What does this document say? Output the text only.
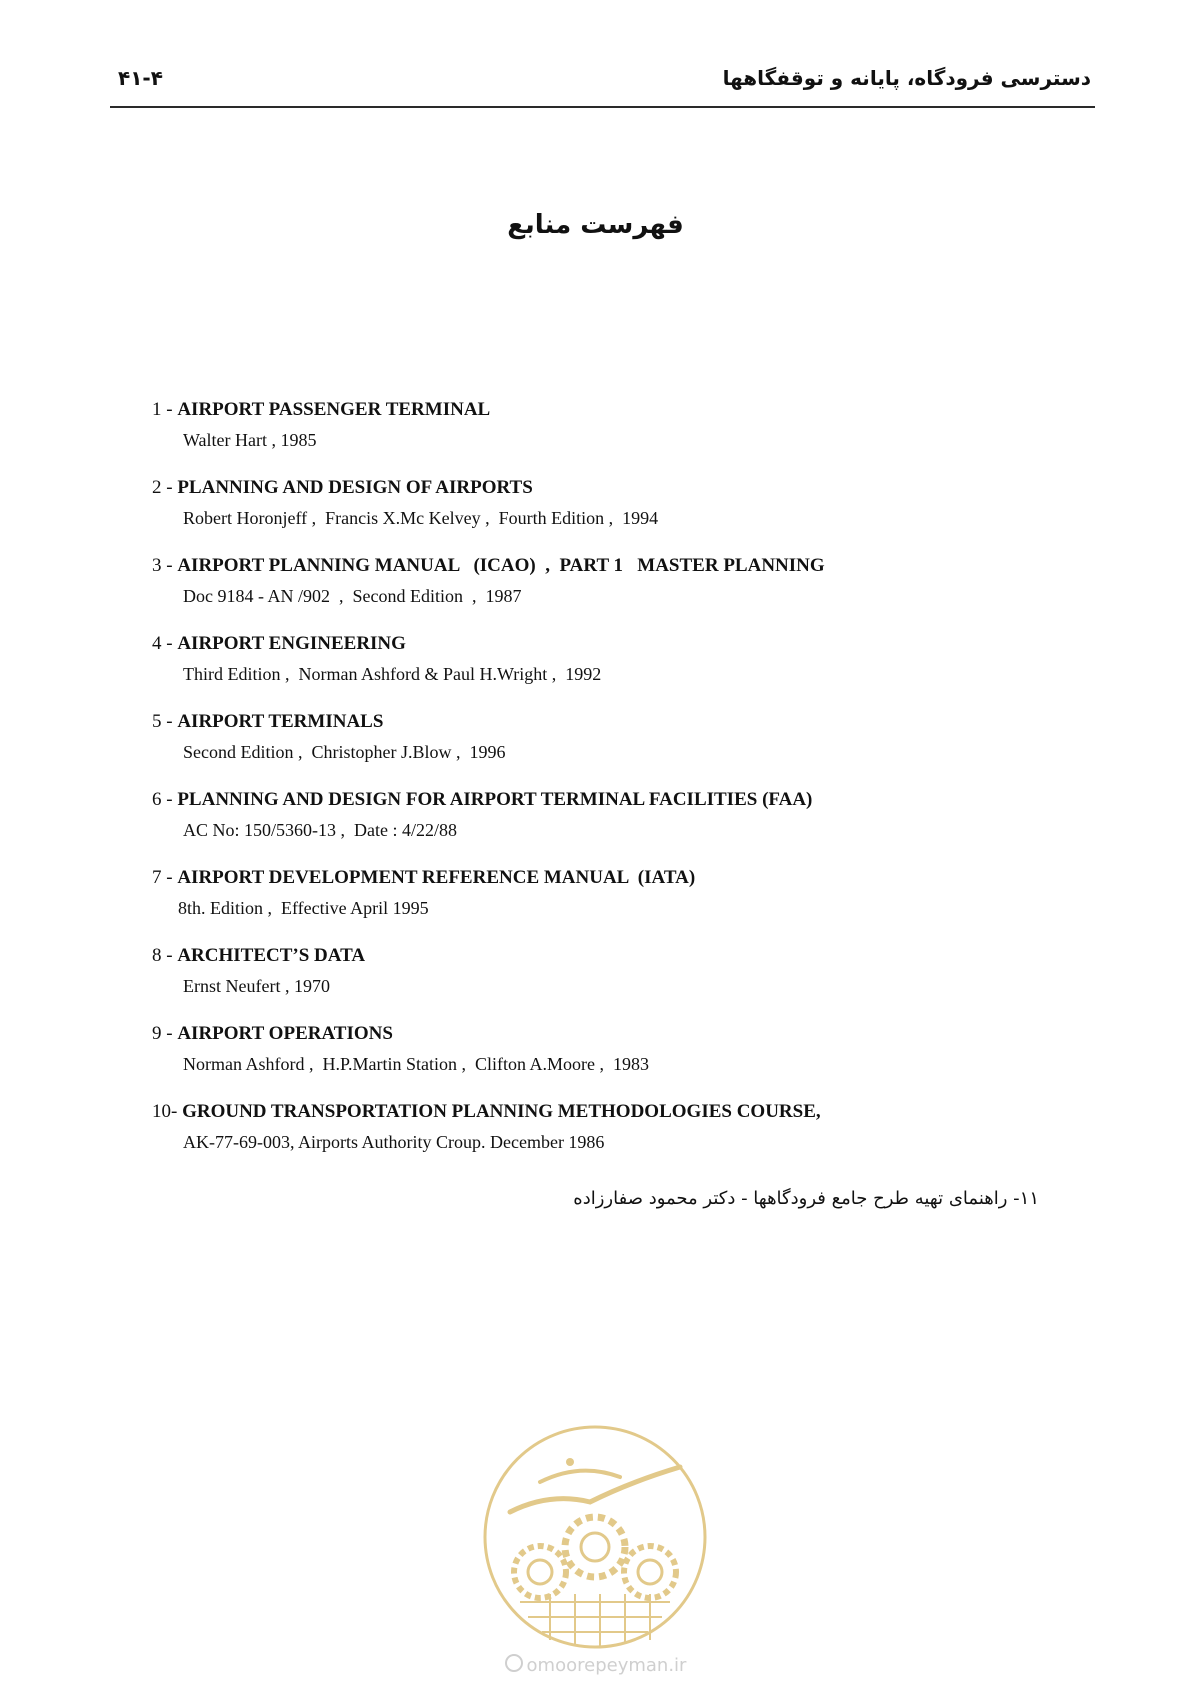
دسترسی فرودگاه، پایانه و توقفگاهها
۴۱-۴
فهرست منابع
1 - AIRPORT PASSENGER TERMINAL
Walter Hart , 1985
2 - PLANNING AND DESIGN OF AIRPORTS
Robert Horonjeff ,  Francis X.Mc Kelvey ,  Fourth Edition ,  1994
3 - AIRPORT PLANNING MANUAL   (ICAO)  ,  PART 1   MASTER PLANNING
Doc 9184 - AN /902  ,  Second Edition  ,  1987
4 - AIRPORT ENGINEERING
Third Edition ,  Norman Ashford & Paul H.Wright ,  1992
5 - AIRPORT TERMINALS
Second Edition ,  Christopher J.Blow ,  1996
6 - PLANNING AND DESIGN FOR AIRPORT TERMINAL FACILITIES (FAA)
AC No: 150/5360-13 ,  Date : 4/22/88
7 - AIRPORT DEVELOPMENT REFERENCE MANUAL  (IATA)
8th. Edition ,  Effective April 1995
8 - ARCHITECT’S DATA
Ernst Neufert , 1970
9 - AIRPORT OPERATIONS
Norman Ashford ,  H.P.Martin Station ,  Clifton A.Moore ,  1983
10- GROUND TRANSPORTATION PLANNING METHODOLOGIES COURSE,
AK-77-69-003, Airports Authority Croup. December 1986
۱۱- راهنمای تهیه طرح جامع فرودگاهها - دکتر محمود صفارزاده
omoorepeyman.ir
